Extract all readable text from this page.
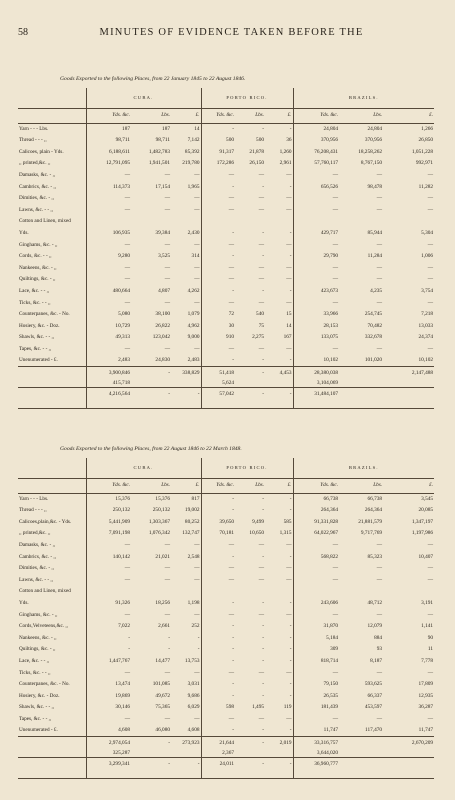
58	MINUTES OF EVIDENCE TAKEN BEFORE THE
Goods Exported to the following Places, from 22 January 1845 to 22 August 1846.
	CUBA.			PORTO RICO.			BRAZILS.		
	Yds. &c.	Lbs.	£.	Yds. &c.	Lbs.	£.	Yds. &c.	Lbs.	£.
Yarn - - - Lbs.	187	187	14	-	-	-	24,804	24,804	1,266
Thread - - - ,,	98,711	98,711	7,142	500	500	36	370,956	370,956	26,850
Calicoes, plain - Yds.	6,188,611	1,482,783	85,392	91,317	21,878	1,260	76,208,431	18,258,262	1,051,228
,, printed,&c. ,,	12,791,095	1,941,501	219,780	172,286	26,150	2,961	57,760,117	8,767,150	992,971
Damasks, &c. - ,,	—	—	—	—	—	—	—	—	—
Cambrics, &c. - ,,	114,373	17,154	1,965	-	-	-	656,526	98,478	11,282
Dimities, &c. - ,,	—	—	—	—	—	—	—	—	—
Lawns, &c. - - ,,	—	—	—	—	—	—	—	—	—
Cotton and Linen, mixed									
Yds.	106,935	39,384	2,430	-	-	-	429,717	85,944	5,304
Ginghams, &c. - ,,	—	—	—	—	—	—	—	—	—
Cords, &c. - - ,,	9,280	3,525	314	-	-	-	29,790	11,284	1,006
Nankeens, &c. - ,,	—	—	—	—	—	—	—	—	—
Quiltings, &c. - ,,	—	—	—	—	—	—	—	—	—
Lace, &c. - - ,,	480,664	4,807	4,262	-	-	-	423,673	4,235	3,754
Ticks, &c. - - ,,	—	—	—	—	—	—	—	—	—
Counterpanes, &c. - No.	5,080	38,100	1,079	72	540	15	33,966	254,745	7,218
Hosiery, &c. - Doz.	10,729	26,822	4,962	30	75	14	28,153	70,482	13,033
Shawls, &c. - - ,,	49,313	123,042	9,000	910	2,275	167	133,075	332,678	24,374
Tapes, &c. - - ,,	—	—	—	—	—	—	—	—	—
Unenumerated - £.	2,483	24,830	2,483	-	-	-	10,102	101,020	10,102
	3,900,846	-	338,829	51,418	-	4,453	28,380,038		2,147,488
	415,718			5,624			3,104,069		
	4,216,564	-	-	57,042	-	-	31,484,107		

Goods Exported to the following Places, from 22 August 1846 to 22 March 1848.
	CUBA.			PORTO RICO.			BRAZILS.		
	Yds. &c.	Lbs.	£.	Yds. &c.	Lbs.	£.	Yds. &c.	Lbs.	£.
Yarn - - - Lbs.	15,376	15,376	817	-	-	-	66,738	66,738	3,545
Thread - - - ,,	250,132	250,132	19,002	-	-	-	264,364	264,364	20,085
Calicoes,plain,&c. - Yds.	5,441,909	1,303,367	80,252	39,650	9,499	585	91,331,828	21,881,579	1,347,197
,, printed,&c. ,,	7,091,198	1,076,342	132,747	70,181	10,650	1,315	64,022,967	9,717,769	1,197,986
Damasks, &c. - ,,	—	—	—	—	—	—	—	—	—
Cambrics, &c. - ,,	140,142	21,021	2,548	-	-	-	568,822	85,323	10,407
Dimities, &c. - ,,	—	—	—	—	—	—	—	—	—
Lawns, &c. - - ,,	—	—	—	—	—	—	—	—	—
Cotton and Linen, mixed									
Yds.	91,326	18,256	1,198	-	-	-	243,606	48,712	3,191
Ginghams, &c. - ,,	—	—	—	—	—	—	—	—	—
Cords,Velveteens,&c. ,,	7,022	2,661	252	-	-	-	31,870	12,079	1,141
Nankeens, &c. - ,,	-	-	-	-	-	-	5,184	884	90
Quiltings, &c. - ,,	-	-	-	-	-	-	309	93	11
Lace, &c. - - ,,	1,447,767	14,477	13,753	-	-	-	818,714	8,187	7,778
Ticks, &c. - - ,,	—	—	—	—	—	—	—	—	—
Counterpanes, &c. - No.	13,474	101,085	3,031	-	-	-	79,150	593,625	17,809
Hosiery, &c. - Doz.	19,869	49,672	9,686	-	-	-	26,535	66,337	12,935
Shawls, &c. - - ,,	30,146	75,365	6,029	598	1,495	119	181,439	453,597	36,287
Tapes, &c. - - ,,	—	—	—	—	—	—	—	—	—
Unenumerated - £.	4,608	46,080	4,608	-	-	-	11,747	117,470	11,747
	2,974,054	-	273,923	21,644	-	2,019	33,316,757		2,670,209
	325,287			2,367			3,644,020		
	3,299,341	-	-	24,011	-	-	36,960,777		
